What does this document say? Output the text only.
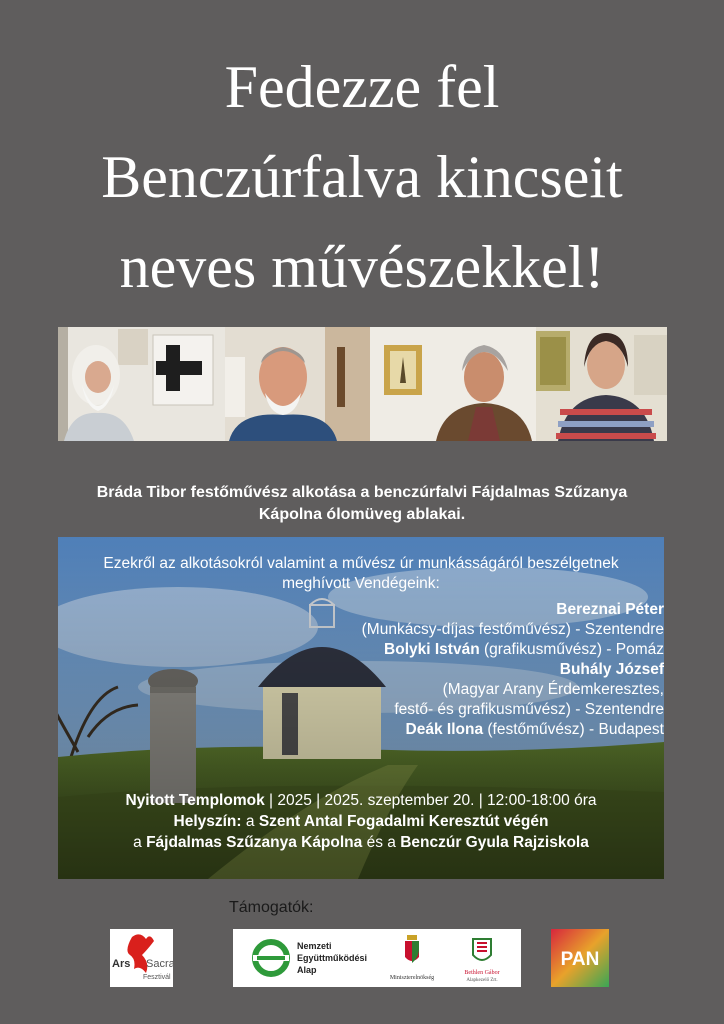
Fedezze fel
Benczúrfalva kincseit
neves művészekkel!
Bráda Tibor festőművész alkotása a benczúrfalvi Fájdalmas Szűzanya
Kápolna ólomüveg ablakai.
Ezekről az alkotásokról valamint a művész úr munkásságáról beszélgetnek
meghívott Vendégeink:
Bereznai Péter
(Munkácsy-díjas festőművész) - Szentendre
Bolyki István (grafikusművész) - Pomáz
Buhály József
(Magyar Arany Érdemkeresztes,
festő- és grafikusművész) - Szentendre
Deák Ilona (festőművész) - Budapest
Nyitott Templomok | 2025 | 2025. szeptember 20. | 12:00-18:00 óra
Helyszín: a Szent Antal Fogadalmi Keresztút végén
a Fájdalmas Szűzanya Kápolna és a Benczúr Gyula Rajziskola
Támogatók:
Ars Sacra
Fesztivál
Nemzeti
Együttműködési
Alap
Miniszterelnökség
Bethlen Gábor
Alapkezelő Zrt.
PAN
